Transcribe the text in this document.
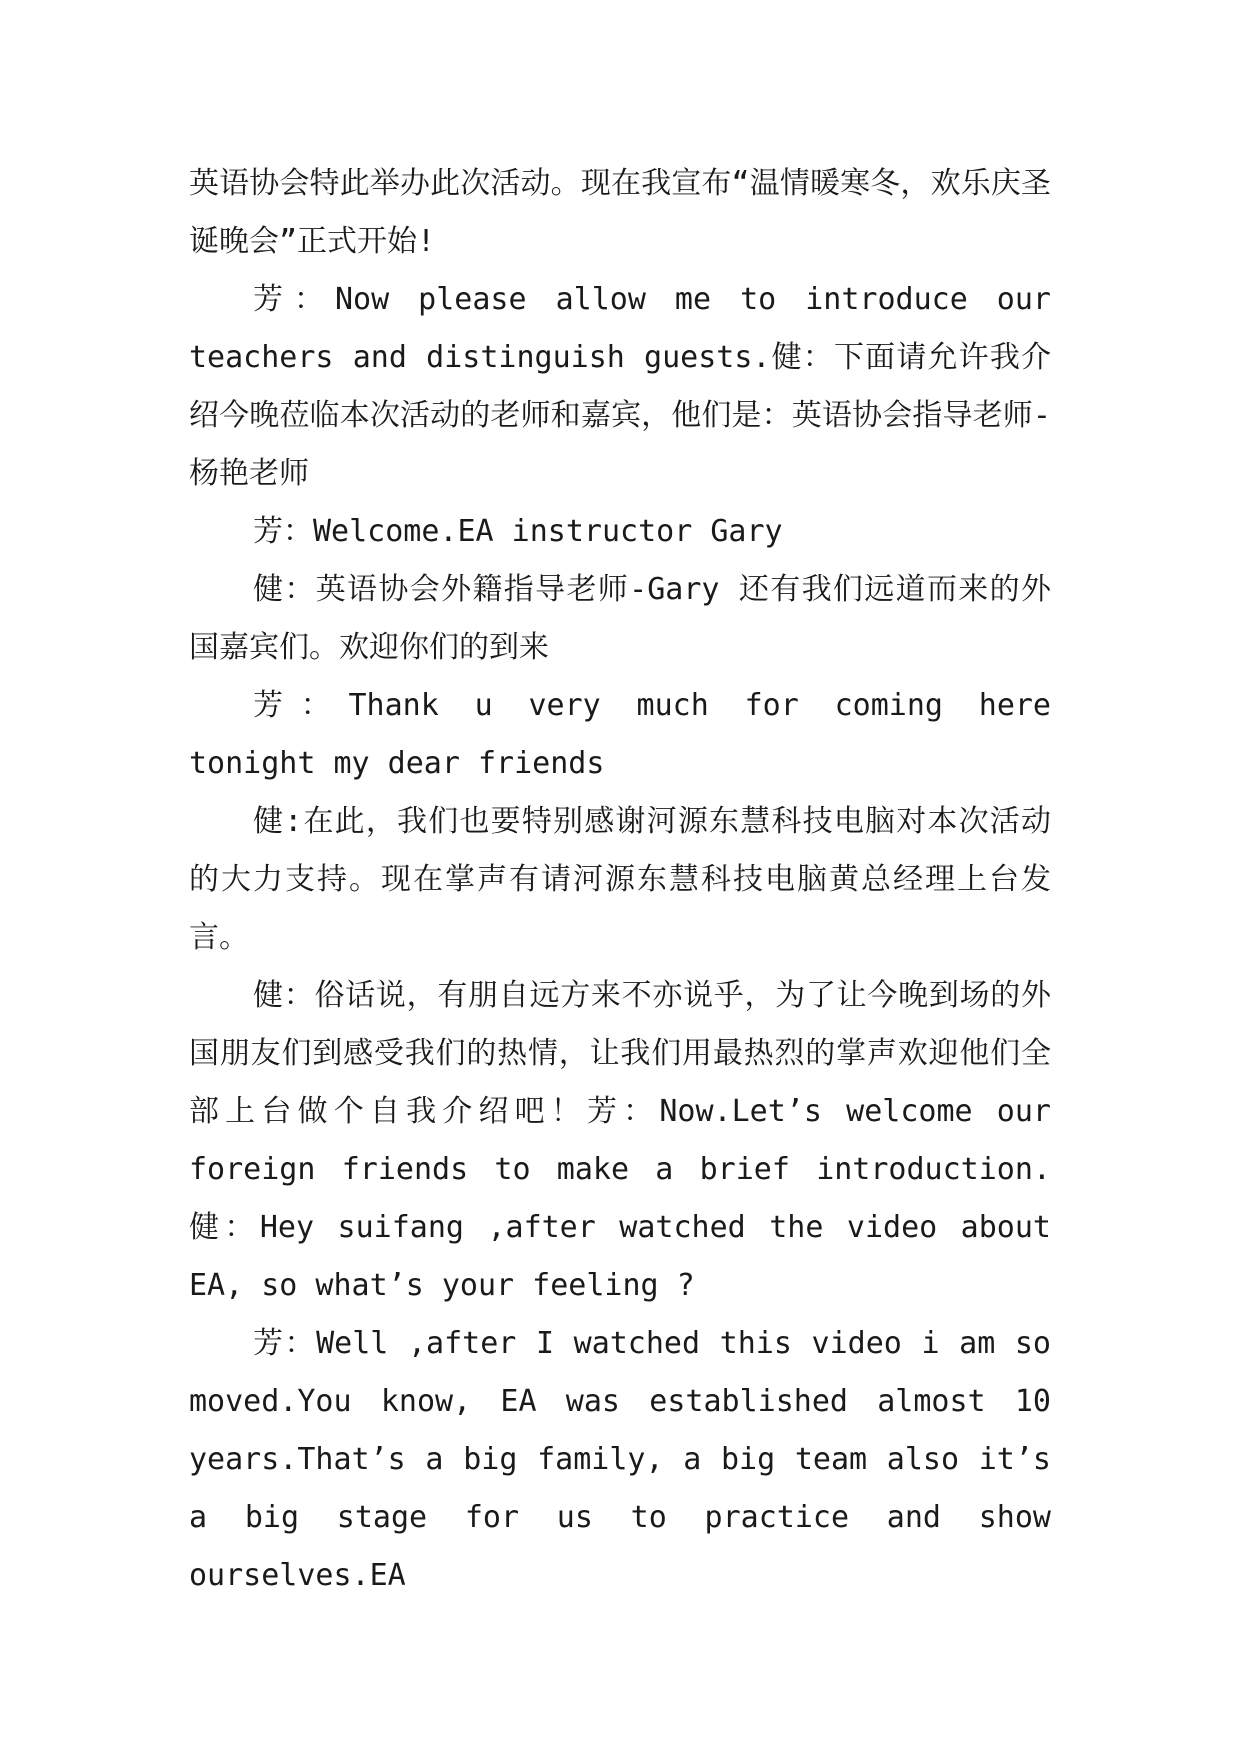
英语协会特此举办此次活动。现在我宣布“温情暖寒冬，欢乐庆圣诞晚会”正式开始!

芳：Now please allow me to introduce our teachers and distinguish guests.健：下面请允许我介绍今晚莅临本次活动的老师和嘉宾，他们是：英语协会指导老师-杨艳老师

芳：Welcome.EA instructor Gary

健：英语协会外籍指导老师-Gary 还有我们远道而来的外国嘉宾们。欢迎你们的到来

芳：Thank u very much for coming here tonight my dear friends

健:在此，我们也要特别感谢河源东慧科技电脑对本次活动的大力支持。现在掌声有请河源东慧科技电脑黄总经理上台发言。

健：俗话说，有朋自远方来不亦说乎，为了让今晚到场的外国朋友们到感受我们的热情，让我们用最热烈的掌声欢迎他们全部上台做个自我介绍吧！芳：Now.Let’s welcome our foreign friends to make a brief introduction.健：Hey suifang ,after watched the video about EA, so what’s your feeling ?

芳：Well ,after I watched this video i am so moved.You know, EA was established almost 10 years.That’s a big family, a big team also it’s a big stage for us to practice and show ourselves.EA
